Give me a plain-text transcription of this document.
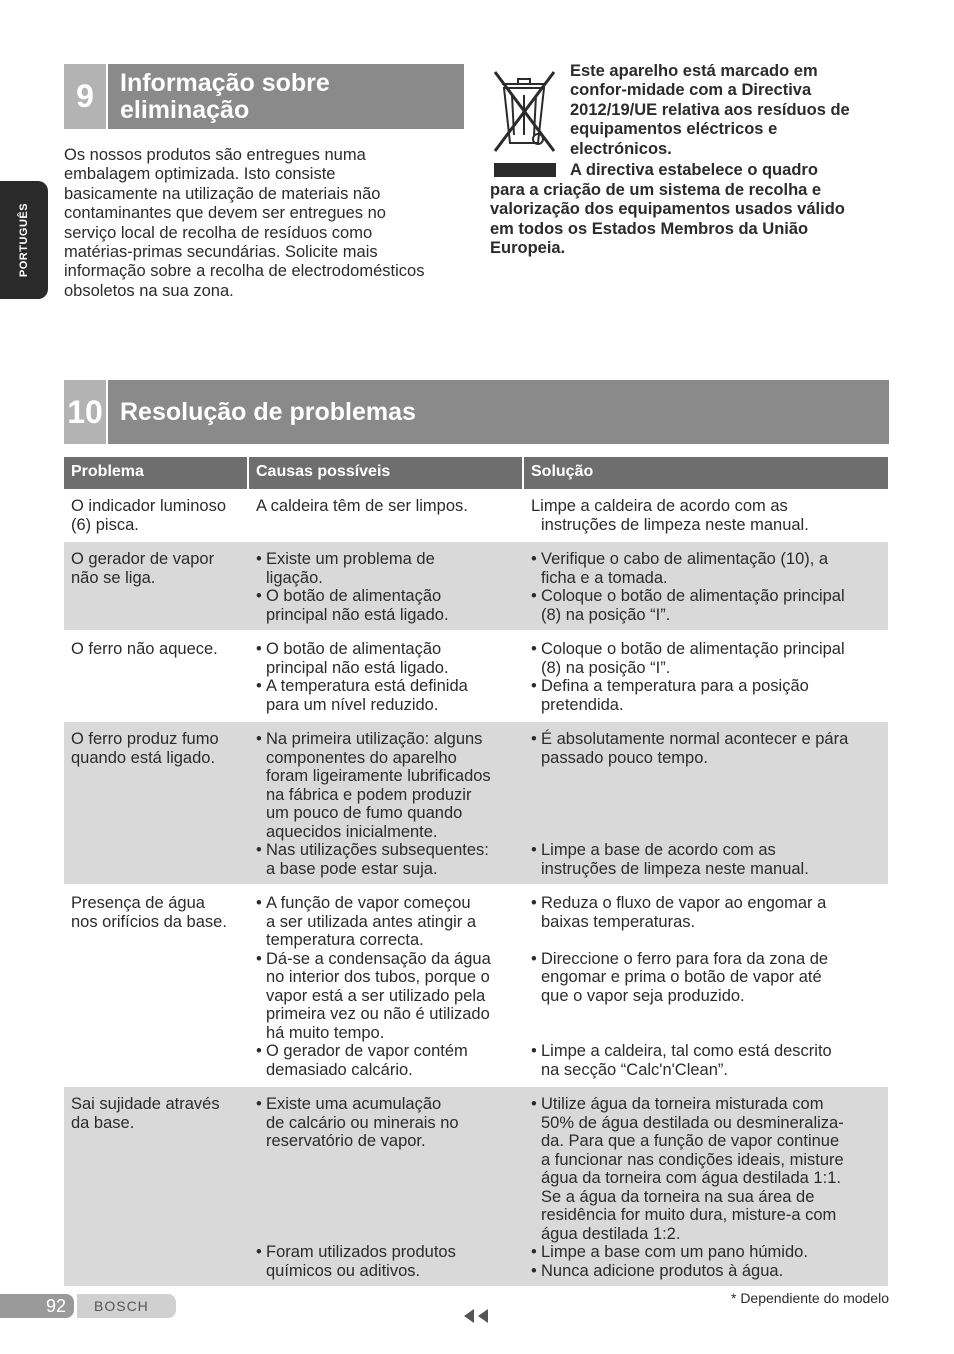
PORTUGUÊS
9	Informação sobre
eliminação
Os nossos produtos são entregues numa
embalagem optimizada. Isto consiste
basicamente na utilização de materiais não
contaminantes que devem ser entregues no
serviço local de recolha de resíduos como
matérias-primas secundárias. Solicite mais
informação sobre a recolha de electrodomésticos
obsoletos na sua zona.
Este aparelho está marcado em
confor-midade com a Directiva
2012/19/UE relativa aos resíduos de
equipamentos eléctricos e
electrónicos.
A directiva estabelece o quadro
para a criação de um sistema de recolha e
valorização dos equipamentos usados válido
em todos os Estados Membros da União
Europeia.
10 Resolução de problemas
Problema	Causas possíveis	Solução
O indicador luminoso
(6) pisca.
A caldeira têm de ser limpos.	Limpe a caldeira de acordo com as
instruções de limpeza neste manual.
O gerador de vapor
não se liga.
• Existe um problema de
ligação.
• O botão de alimentação
principal não está ligado.
• Verifique o cabo de alimentação (10), a
ficha e a tomada.
• Coloque o botão de alimentação principal
(8) na posição “I”.
O ferro não aquece.
•	O botão de alimentação
principal não está ligado.
• A temperatura está definida
para um nível reduzido.
• Coloque o botão de alimentação principal
(8) na posição “I”.
• Defina a temperatura para a posição
pretendida.
O ferro produz fumo
quando está ligado.
• Na primeira utilização: alguns
componentes do aparelho
foram ligeiramente lubrificados
na fábrica e podem produzir
um pouco de fumo quando
aquecidos inicialmente.
• Nas utilizações subsequentes:
a base pode estar suja.
• É absolutamente normal acontecer e pára
passado pouco tempo.

• Limpe a base de acordo com as
instruções de limpeza neste manual.
Presença de água
nos orifícios da base.
• A função de vapor começou
a ser utilizada antes atingir a
temperatura correcta.
• Dá-se a condensação da água
no interior dos tubos, porque o
vapor está a ser utilizado pela
primeira vez ou não é utilizado
há muito tempo.
• O gerador de vapor contém
demasiado calcário.
• Reduza o fluxo de vapor ao engomar a
baixas temperaturas.

• Direccione o ferro para fora da zona de
engomar e prima o botão de vapor até
que o vapor seja produzido.

• Limpe a caldeira, tal como está descrito
na secção “Calc'n'Clean”.
Sai sujidade através
da base.
• Existe uma acumulação
de calcário ou minerais no
reservatório de vapor.

• Foram utilizados produtos
químicos ou aditivos.
• Utilize água da torneira misturada com
50% de água destilada ou desmineraliza-
da. Para que a função de vapor continue
a funcionar nas condições ideais, misture
água da torneira com água destilada 1:1.
Se a água da torneira na sua área de
residência for muito dura, misture-a com
água destilada 1:2.
• Limpe a base com um pano húmido.
• Nunca adicione produtos à água.
92	BOSCH	* Dependiente do modelo
